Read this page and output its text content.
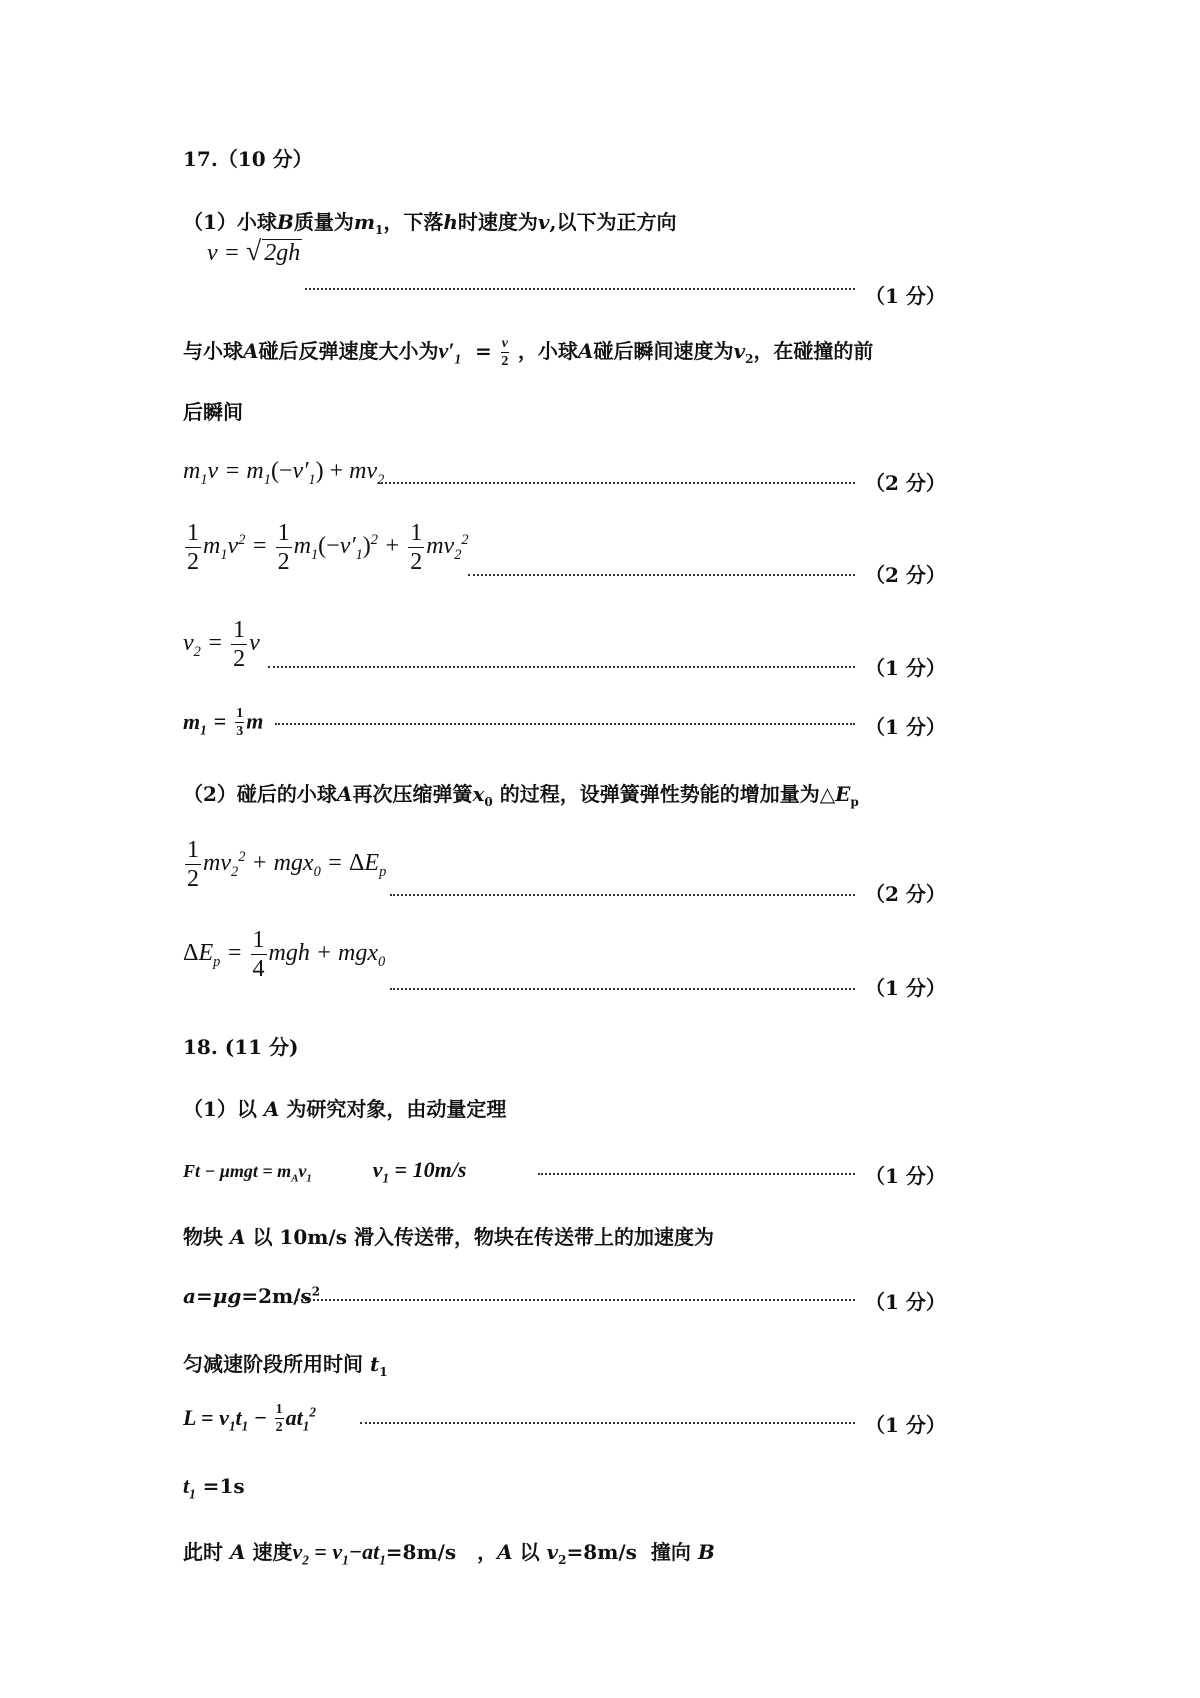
17.（10 分）
（1）小球B质量为$m_1$，下落h时速度为v,以下为正方向
v = √ 2gh
（1 分）
与小球A碰后反弹速度大小为$v'_1 = \frac{v}{2}$ ，小球A碰后瞬间速度为$v_2$，在碰撞的前
后瞬间
$m_1v = m_1(-v'_1) + mv_2$	（2 分）
$\frac{1}{2} m_1v^2 = \frac{1}{2} m_1(-v'_1)^2 + \frac{1}{2} mv_2^2$
（2 分）
$v_2 = \frac{1}{2}$ v
（1 分）
$m_1 = \frac{1}{3}$ m	（1 分）
（2）碰后的小球A再次压缩弹簧$x_0$ 的过程，设弹簧弹性势能的增加量为$\triangle E_p$
$\frac{1}{2} mv_2^2 + mgx_0 = \Delta E_p$
（2 分）
$\Delta E_p = \frac{1}{4}$ mgh + mgx$_0$
（1 分）
18. (11 分)
（1）以 A 为研究对象，由动量定理
$Ft - \mu mgt = m_Av_1$	$v_1 = 10m/s$	（1 分）
物块 A 以 10m/s 滑入传送带，物块在传送带上的加速度为
$a=\mu g=2m/s^2$	（1 分）
匀减速阶段所用时间 $t_1$
$L = v_1t_1 - \frac{1}{2} at_1^2$
（1 分）
$t_1 =1s$
此时 A 速度$v_2 = v_1-at_1=8m/s$   ，A 以 $v_2=8m/s$  撞向 B
